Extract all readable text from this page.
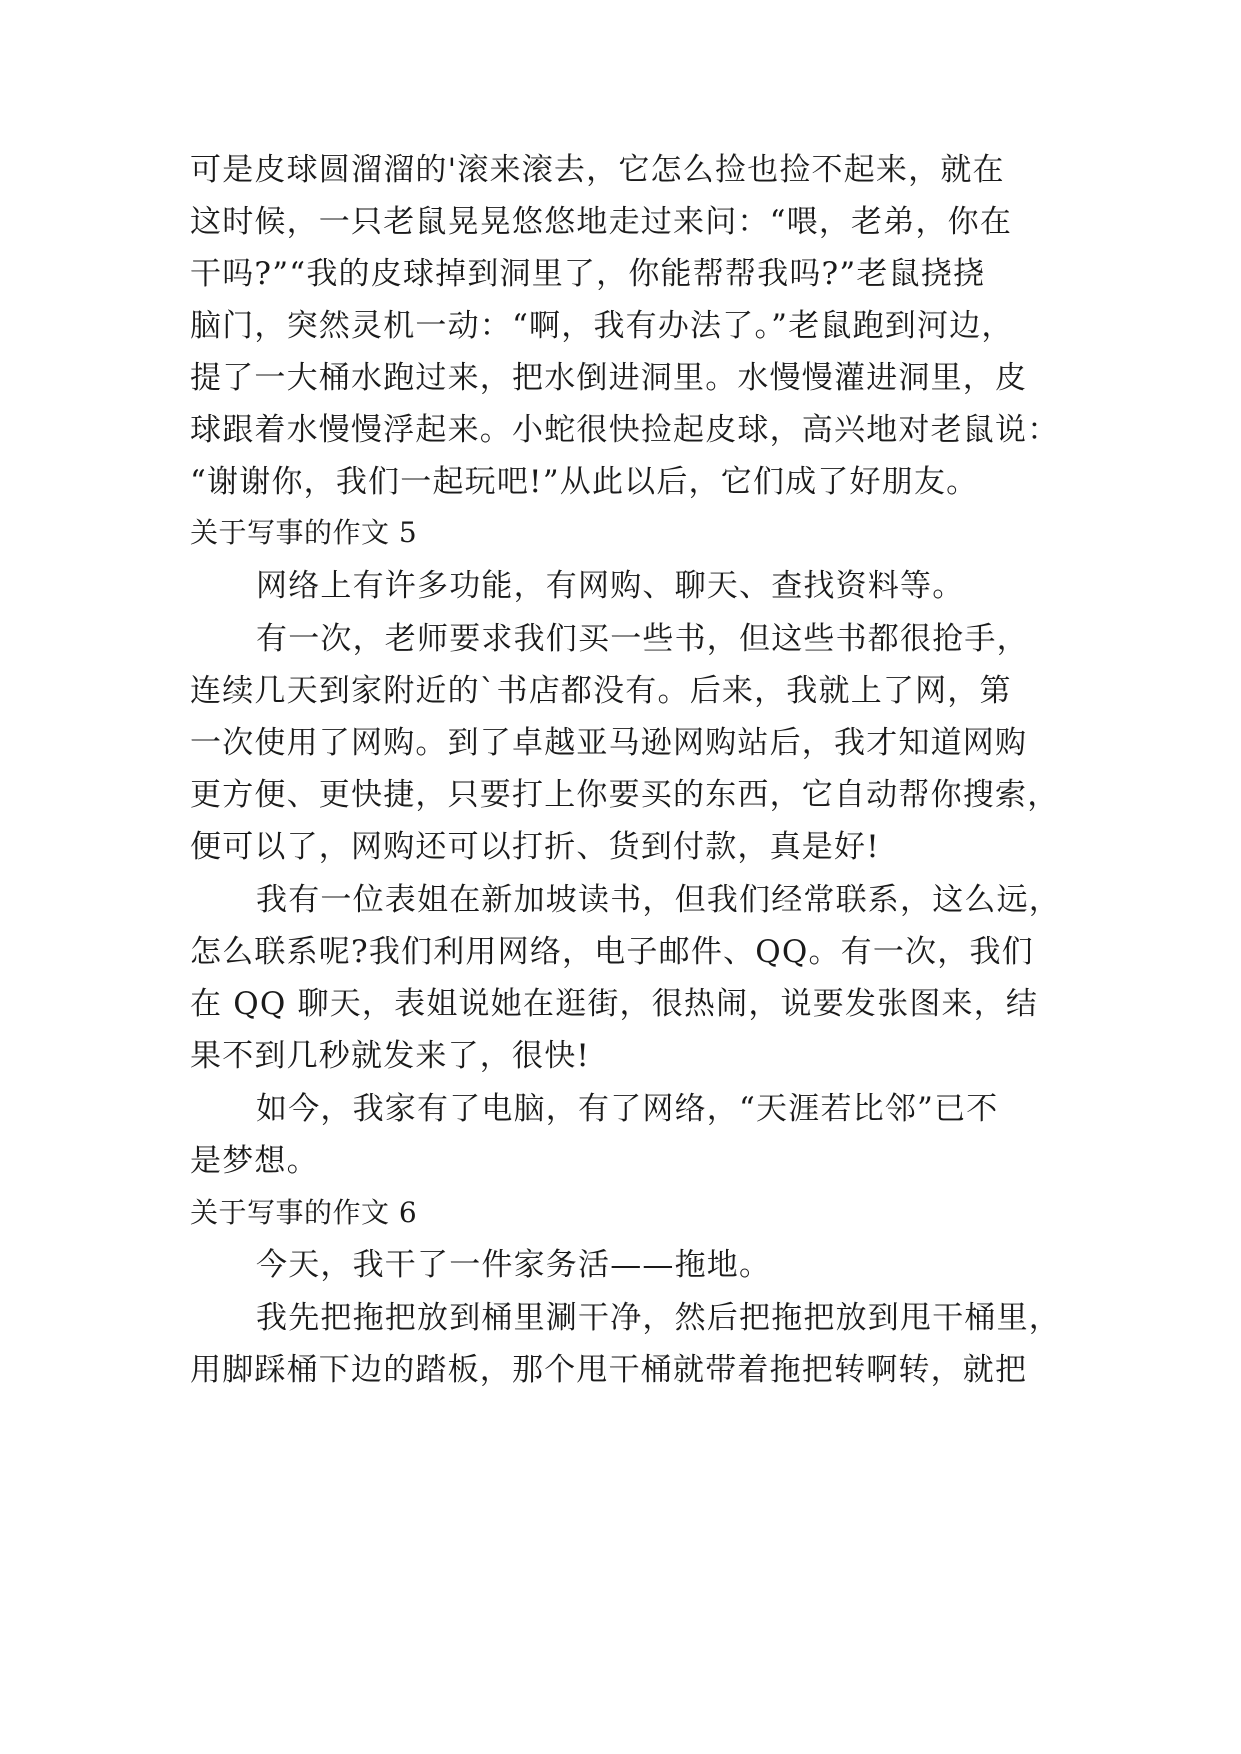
可是皮球圆溜溜的'滚来滚去，它怎么捡也捡不起来，就在
这时候，一只老鼠晃晃悠悠地走过来问：“喂，老弟，你在
干吗?”“我的皮球掉到洞里了，你能帮帮我吗?”老鼠挠挠
脑门，突然灵机一动：“啊，我有办法了。”老鼠跑到河边，
提了一大桶水跑过来，把水倒进洞里。水慢慢灌进洞里，皮
球跟着水慢慢浮起来。小蛇很快捡起皮球，高兴地对老鼠说：
“谢谢你，我们一起玩吧!”从此以后，它们成了好朋友。
关于写事的作文 5
网络上有许多功能，有网购、聊天、查找资料等。
有一次，老师要求我们买一些书，但这些书都很抢手，
连续几天到家附近的`书店都没有。后来，我就上了网，第
一次使用了网购。到了卓越亚马逊网购站后，我才知道网购
更方便、更快捷，只要打上你要买的东西，它自动帮你搜索，
便可以了，网购还可以打折、货到付款，真是好!
我有一位表姐在新加坡读书，但我们经常联系，这么远，
怎么联系呢?我们利用网络，电子邮件、QQ。有一次，我们
在 QQ 聊天，表姐说她在逛街，很热闹，说要发张图来，结
果不到几秒就发来了，很快!
如今，我家有了电脑，有了网络，“天涯若比邻”已不
是梦想。
关于写事的作文 6
今天，我干了一件家务活——拖地。
我先把拖把放到桶里涮干净，然后把拖把放到甩干桶里，
用脚踩桶下边的踏板，那个甩干桶就带着拖把转啊转，就把
